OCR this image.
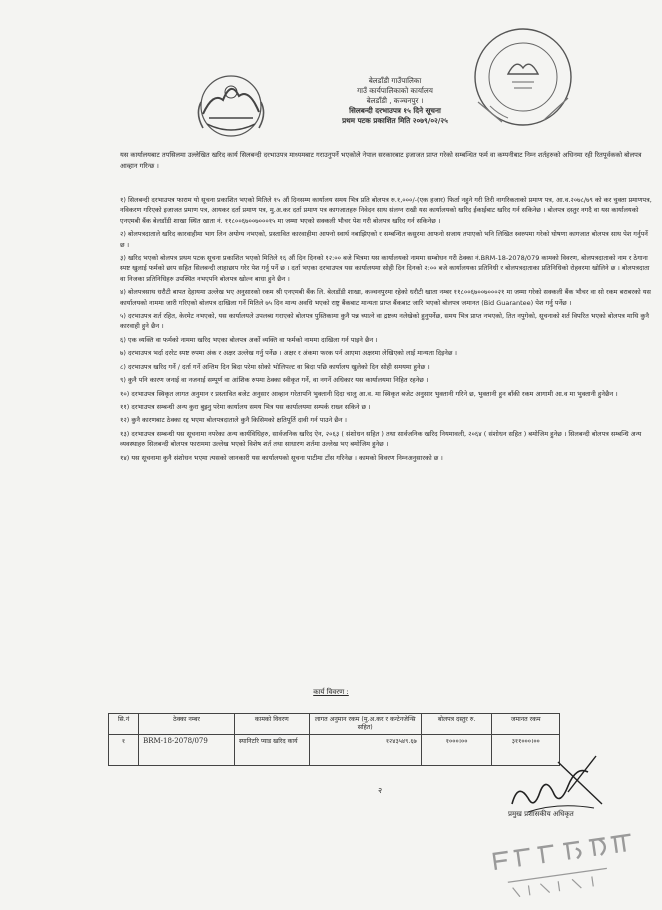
बेलडाँडी गाउँपालिका
गाउँ कार्यपालिकाको कार्यालय
बेलडाँडी , कञ्चनपुर ।
सिलबन्दी दरभाउपत्र १५ दिने सूचना
प्रथम पटक प्रकाशित मिति २०७९/०२/२५
यस कार्यालयबाट तपसिलमा उल्लेखित खरिद कार्य सिलबन्दी दरभाउपत्र माध्यमबाट गराउनुपर्ने भएकोले नेपाल सरकारबाट इजाजत प्राप्त गरेको सम्बन्धित फर्म वा कम्पनीबाट निम्न शर्तहरुको अधिनमा रही रितपूर्वकको बोलपत्र आव्हान गरिन्छ ।

१) सिलबन्दी दरभाउपत्र फाराम यो सूचना प्रकाशित भएको मितिले १५ औं दिनसम्म कार्यालय समय भित्र प्रति बोलपत्र रु.१,०००/-(एक हजार) फिर्ता नहुने गरी तिरी नागरिकताको प्रमाण पत्र, आ.व.२०७८/७९ को कर चुक्ता प्रमाणपत्र, नविकरण गरिएको इजाजत प्रमाण पत्र, आयकर दर्ता प्रमाण पत्र, मु.अ.कर दर्ता प्रमाण पत्र कागजातहरु निवेदन साथ संलग्न राखी यस कार्यालयको खरिद ईकाईबाट खरिद गर्न सकिनेछ । बोलपत्र दस्तुर नगदै वा यस कार्यालयको एनएमबी बैंक बेलडाँडी शाखा स्थित खाता नं. ११८००६७००७०००१५ मा जम्मा भएको सक्कली भौचर पेश गरी बोलपत्र खरिद गर्न सकिनेछ ।

२) बोलपत्रदाताले खरिद कारवाहीमा भाग लिन अयोग्य नभएको, प्रस्तावित कारवाहीमा आफ्नो स्वार्थ नबाझिएको र सम्बन्धित कसुरमा आफनो सजाय तपाएको भनि लिखित स्वरुपमा गरेको घोषणा कागजात बोलपत्र साथ पेश गर्नुपर्ने छ ।

३) खरिद भएको बोलपत्र प्रथम पटक सूचना प्रकाशित भएको मितिले १६ औं दिन दिनको १२:०० बजे भित्रमा यस कार्यालयको नाममा सम्बोधन गरी ठेक्का नं.BRM-18-2078/079 कामको विवरण, बोलपत्रदाताको नाम र ठेगाना स्पष्ट खुलाई फर्मको छाप सहित सिलबन्दी लाहाछाप गरेर पेश गर्नु पर्ने छ । दर्ता भएका दरभाउपत्र यस कार्यालयमा सोही दिन दिनको २:०० बजे कार्यालयका प्रतिनिधी र बोलपत्रदाताका प्रतिनिधिको रोहवरमा खोलिने छ । बोलपत्रदाता वा निजका प्रतिनिधिहरु उपस्थित नभएपनि बोलपत्र खोल्न बाधा हुने छैन ।

४) बोलपत्रसाथ धरौटी बापत देहायमा उल्लेख भए अनुसारको रकम श्री एनएमबी बैंक लि. बेलडाँडी शाखा, कञ्चनपुरमा रहेको धरौटी खाता नम्बर ११८००६७००७०००२१ मा जम्मा गरेको सक्कली बैंक भौचर वा सो रकम बराबरको यस कार्यालयको नाममा जारी गरिएको बोलपत्र दाखिला गर्ने मितिले ७५ दिन मान्य अवधि भएको राष्ट्र बैंकबाट मान्यता प्राप्त बैंकबाट जारि भएको बोलपत्र जमानत (Bid Guarantee) पेश गर्नु पर्नेछ ।

५) दरभाउपत्र शर्त रहित, केरमेट नभएको, यस कार्यालयले उपलब्ध गराएको बोलपत्र पुस्तिकामा कुनै पन्न च्यात्ने वा द्रष्टव्य नलेखेको हुनुपर्नेछ, समय भित्र प्राप्त नभएको, तित नपुगेको, सूचनाको शर्त विपरित भएको बोलपत्र माथि कुनै कारवाही हुने छैन ।

६) एक व्यक्ति वा फर्मको नाममा खरिद भएका बोलपत्र अर्को व्यक्ति वा फर्मको नाममा दाखिला गर्न पाइने छैन ।

७) दरभाउपत्र भर्दा दररेट स्पष्ट रुपमा अंक र अक्षर उल्लेख गर्नु पर्नेछ । अक्षर र अंकमा फरक पर्न आएमा अक्षरमा लेखिएको लाई मान्यता दिइनेछ ।

८) दरभाउपत्र खरिद गर्ने / दर्ता गर्ने अन्तिम दिन बिदा परेमा सोको भोलिपल्ट वा बिदा पछि कार्यालय खुलेको दिन सोही समयमा हुनेछ ।

९) कुनै पनि कारण जनाई वा नजनाई सम्पूर्ण वा आंशिक रुपमा ठेक्का स्वीकृत गर्ने, वा नगर्ने अधिकार यस कार्यालयमा निहित रहनेछ ।

१०) दरभाउपत्र स्विकृत लागत अनुमान र प्रस्तावित बजेट अनुसार आव्हान गरेतापनि भुक्तानी दिदा चालु आ.व. मा स्विकृत बजेट अनुसार भुक्तानी गरिने छ, भुक्तानी हुन बाँकी रकम आगामी आ.व मा भुक्तानी हुनेछैन ।

११) दरभाउपत्र सम्बन्धी अन्य कुरा बुझ्नु परेमा कार्यालय समय भित्र यस कार्यालयमा सम्पर्क राख्न सकिने छ ।

१२) कुनै कारणबाट ठेक्का रद्द भएमा बोलपत्रदाताले कुनै किसिमको क्षतिपूर्ति दावी गर्न पाउने छैन ।

१३) दरभाउपत्र सम्बन्धी यस सूचनामा नपरेका अन्य कार्यविधिहरु, सार्वजनिक खरिद ऐन, २०६३ ( संशोधन सहित ) तथा सार्वजनिक खरिद नियमावली, २०६४ ( संशोधन सहित ) बमोजिम हुनेछ । सिलबन्दी बोलपत्र सम्बन्धि अन्य व्यवस्थाहरु सिलबन्दी बोलपत्र फाराममा उल्लेख भएको विशेष शर्त तथा साधारण शर्तमा उल्लेख भए बमोजिम हुनेछ ।

१४) यस सूचनामा कुनै संशोधन भएमा त्यसको जानकारी यस कार्यालयको सूचना पाटीमा टाँस गरिनेछ । कामको विवरण निम्नअनुसारको छ ।

कार्य विवरण :
सि.नं	ठेक्का नम्बर	कामको विवरण	लागत अनुमान रकम (मु.अ.कर र कन्टेनजेन्सि सहित)	बोलपत्र दस्तुर रु.	जमानत रकम
१	BRM-18-2078/079	स्यानिटरि प्याड खरिद कार्य	१२४३५४९.६७	१०००।००	३११०००।००
२
प्रमुख प्रशासकीय अधिकृत
